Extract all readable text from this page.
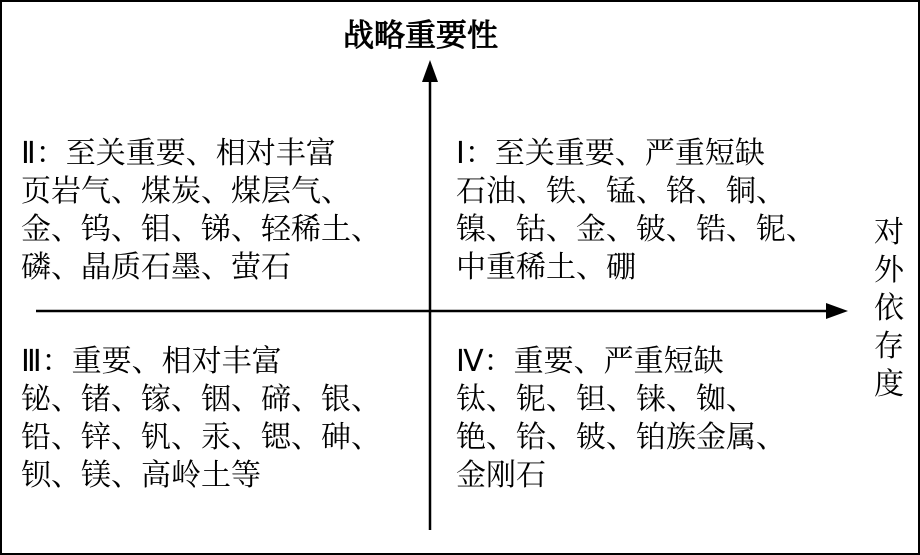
战略重要性
对外依存度
Ⅱ：至关重要、相对丰富
页岩气、煤炭、煤层气、
金、钨、钼、锑、轻稀土、
磷、晶质石墨、萤石
Ⅰ：至关重要、严重短缺
石油、铁、锰、铬、铜、
镍、钴、金、铍、锆、铌、
中重稀土、硼
Ⅲ：重要、相对丰富
铋、锗、镓、铟、碲、银、
铅、锌、钒、汞、锶、砷、
钡、镁、高岭土等
Ⅳ：重要、严重短缺
钛、铌、钽、铼、铷、
铯、铪、铍、铂族金属、
金刚石
